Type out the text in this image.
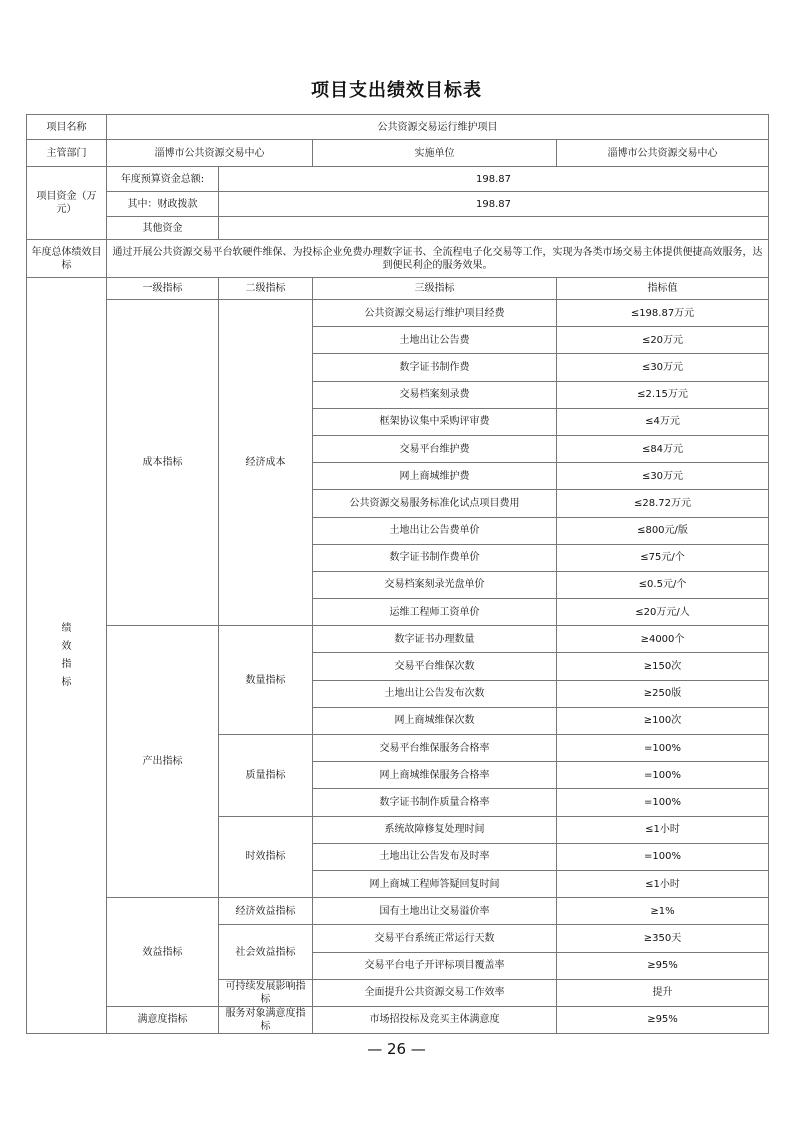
项目支出绩效目标表
项目名称	公共资源交易运行维护项目			
主管部门	淄博市公共资源交易中心		实施单位	淄博市公共资源交易中心
项目资金（万元）	年度预算资金总额:	198.87		
	其中：财政拨款	198.87		
	其他资金			
年度总体绩效目标	通过开展公共资源交易平台软硬件维保、为投标企业免费办理数字证书、全流程电子化交易等工作，实现为各类市场交易主体提供便捷高效服务，达到便民利企的服务效果。			
绩效指标	一级指标	二级指标	三级指标	指标值
	成本指标	经济成本	公共资源交易运行维护项目经费	≤198.87万元
			土地出让公告费	≤20万元
			数字证书制作费	≤30万元
			交易档案刻录费	≤2.15万元
			框架协议集中采购评审费	≤4万元
			交易平台维护费	≤84万元
			网上商城维护费	≤30万元
			公共资源交易服务标准化试点项目费用	≤28.72万元
			土地出让公告费单价	≤800元/版
			数字证书制作费单价	≤75元/个
			交易档案刻录光盘单价	≤0.5元/个
			运维工程师工资单价	≤20万元/人
	产出指标	数量指标	数字证书办理数量	≥4000个
			交易平台维保次数	≥150次
			土地出让公告发布次数	≥250版
			网上商城维保次数	≥100次
		质量指标	交易平台维保服务合格率	=100%
			网上商城维保服务合格率	=100%
			数字证书制作质量合格率	=100%
		时效指标	系统故障修复处理时间	≤1小时
			土地出让公告发布及时率	=100%
			网上商城工程师答疑回复时间	≤1小时
	效益指标	经济效益指标	国有土地出让交易溢价率	≥1%
		社会效益指标	交易平台系统正常运行天数	≥350天
			交易平台电子开评标项目覆盖率	≥95%
		可持续发展影响指标	全面提升公共资源交易工作效率	提升
	满意度指标	服务对象满意度指标	市场招投标及竞买主体满意度	≥95%
— 26 —
